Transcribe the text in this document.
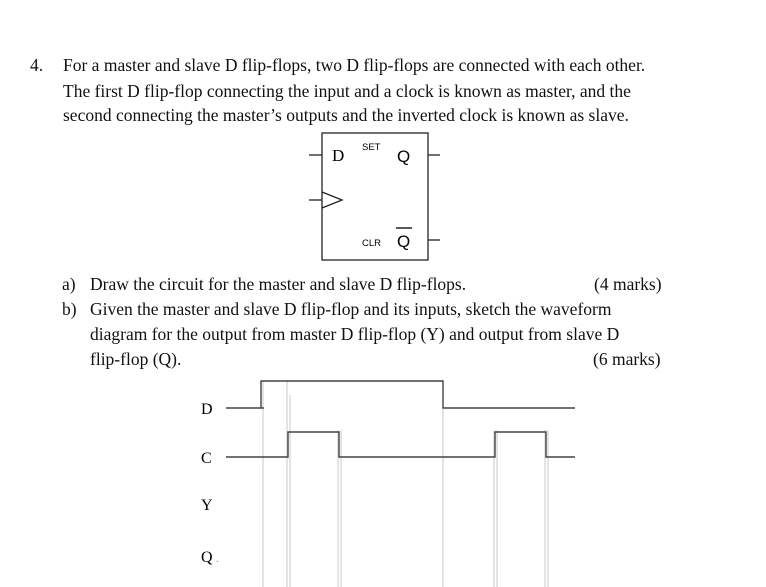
4. For a master and slave D flip-flops, two D flip-flops are connected with each other.
The first D flip-flop connecting the input and a clock is known as master, and the
second connecting the master’s outputs and the inverted clock is known as slave.
D SET Q
CLR Q
D
C
Y
Q .
a) Draw the circuit for the master and slave D flip-flops.	(4 marks)
b) Given the master and slave D flip-flop and its inputs, sketch the waveform
diagram for the output from master D flip-flop (Y) and output from slave D
flip-flop (Q).	(6 marks)
